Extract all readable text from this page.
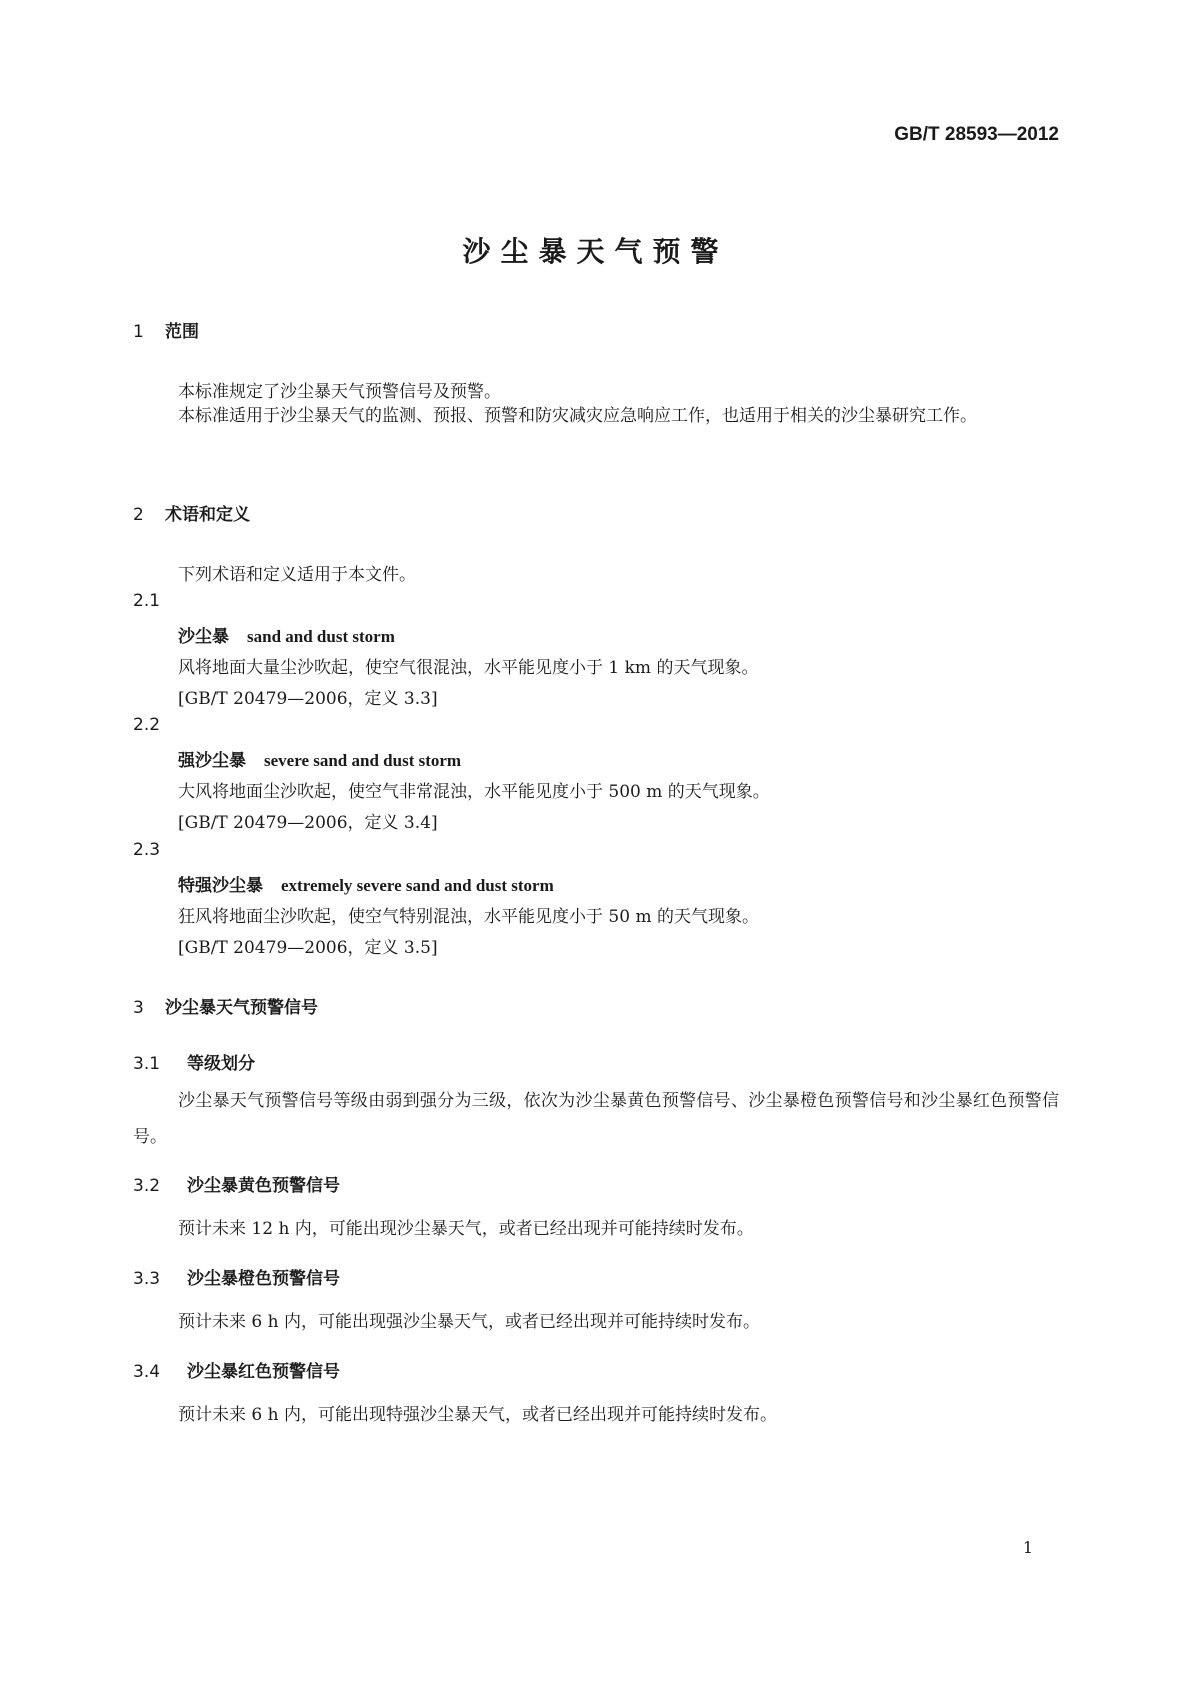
GB/T 28593—2012
沙尘暴天气预警
1 范围
本标准规定了沙尘暴天气预警信号及预警。
本标准适用于沙尘暴天气的监测、预报、预警和防灾减灾应急响应工作，也适用于相关的沙尘暴研究工作。
2 术语和定义
下列术语和定义适用于本文件。
2.1
沙尘暴 sand and dust storm
风将地面大量尘沙吹起，使空气很混浊，水平能见度小于 1 km 的天气现象。
[GB/T 20479—2006，定义 3.3]
2.2
强沙尘暴 severe sand and dust storm
大风将地面尘沙吹起，使空气非常混浊，水平能见度小于 500 m 的天气现象。
[GB/T 20479—2006，定义 3.4]
2.3
特强沙尘暴 extremely severe sand and dust storm
狂风将地面尘沙吹起，使空气特别混浊，水平能见度小于 50 m 的天气现象。
[GB/T 20479—2006，定义 3.5]
3 沙尘暴天气预警信号
3.1 等级划分
沙尘暴天气预警信号等级由弱到强分为三级，依次为沙尘暴黄色预警信号、沙尘暴橙色预警信号和沙尘暴红色预警信号。
3.2 沙尘暴黄色预警信号
预计未来 12 h 内，可能出现沙尘暴天气，或者已经出现并可能持续时发布。
3.3 沙尘暴橙色预警信号
预计未来 6 h 内，可能出现强沙尘暴天气，或者已经出现并可能持续时发布。
3.4 沙尘暴红色预警信号
预计未来 6 h 内，可能出现特强沙尘暴天气，或者已经出现并可能持续时发布。
1
